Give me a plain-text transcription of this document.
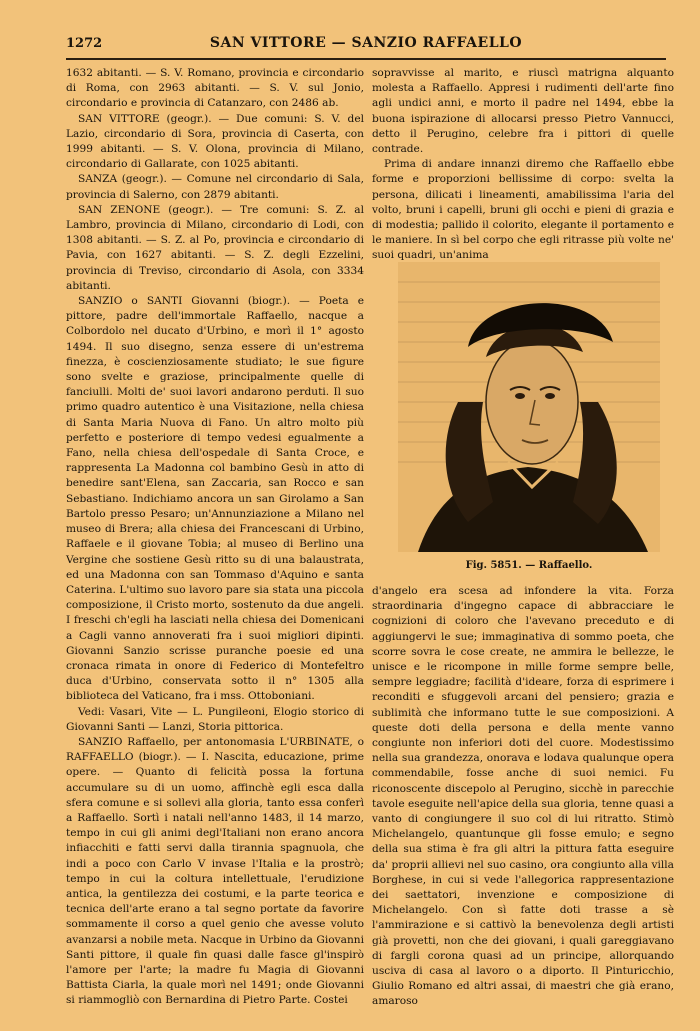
1272	SAN VITTORE — SANZIO RAFFAELLO

1632 abitanti. — S. V. Romano, provincia e circondario di Roma, con 2963 abitanti. — S. V. sul Jonio, circondario e provincia di Catanzaro, con 2486 ab.

SAN VITTORE (geogr.). — Due comuni: S. V. del Lazio, circondario di Sora, provincia di Caserta, con 1999 abitanti. — S. V. Olona, provincia di Milano, circondario di Gallarate, con 1025 abitanti.

SANZA (geogr.). — Comune nel circondario di Sala, provincia di Salerno, con 2879 abitanti.

SAN ZENONE (geogr.). — Tre comuni: S. Z. al Lambro, provincia di Milano, circondario di Lodi, con 1308 abitanti. — S. Z. al Po, provincia e circondario di Pavia, con 1627 abitanti. — S. Z. degli Ezzelini, provincia di Treviso, circondario di Asola, con 3334 abitanti.

SANZIO o SANTI Giovanni (biogr.). — Poeta e pittore, padre dell'immortale Raffaello, nacque a Colbordolo nel ducato d'Urbino, e morì il 1° agosto 1494. Il suo disegno, senza essere di un'estrema finezza, è coscienziosamente studiato; le sue figure sono svelte e graziose, principalmente quelle di fanciulli. Molti de' suoi lavori andarono perduti. Il suo primo quadro autentico è una Visitazione, nella chiesa di Santa Maria Nuova di Fano. Un altro molto più perfetto e posteriore di tempo vedesi egualmente a Fano, nella chiesa dell'ospedale di Santa Croce, e rappresenta La Madonna col bambino Gesù in atto di benedire sant'Elena, san Zaccaria, san Rocco e san Sebastiano. Indichiamo ancora un san Girolamo a San Bartolo presso Pesaro; un'Annunziazione a Milano nel museo di Brera; alla chiesa dei Francescani di Urbino, Raffaele e il giovane Tobia; al museo di Berlino una Vergine che sostiene Gesù ritto su di una balaustrata, ed una Madonna con san Tommaso d'Aquino e santa Caterina. L'ultimo suo lavoro pare sia stata una piccola composizione, il Cristo morto, sostenuto da due angeli. I freschi ch'egli ha lasciati nella chiesa dei Domenicani a Cagli vanno annoverati fra i suoi migliori dipinti. Giovanni Sanzio scrisse puranche poesie ed una cronaca rimata in onore di Federico di Montefeltro duca d'Urbino, conservata sotto il n° 1305 alla biblioteca del Vaticano, fra i mss. Ottoboniani.

Vedi: Vasari, Vite — L. Pungileoni, Elogio storico di Giovanni Santi — Lanzi, Storia pittorica.

SANZIO Raffaello, per antonomasia L'URBINATE, o RAFFAELLO (biogr.). — I. Nascita, educazione, prime opere. — Quanto di felicità possa la fortuna accumulare su di un uomo, affinchè egli esca dalla sfera comune e si sollevi alla gloria, tanto essa conferì a Raffaello. Sortì i natali nell'anno 1483, il 14 marzo, tempo in cui gli animi degl'Italiani non erano ancora infiacchiti e fatti servi dalla tirannia spagnuola, che indi a poco con Carlo V invase l'Italia e la prostrò; tempo in cui la coltura intellettuale, l'erudizione antica, la gentilezza dei costumi, e la parte teorica e tecnica dell'arte erano a tal segno portate da favorire sommamente il corso a quel genio che avesse voluto avanzarsi a nobile meta. Nacque in Urbino da Giovanni Santi pittore, il quale fin quasi dalle fasce gl'inspirò l'amore per l'arte; la madre fu Magia di Giovanni Battista Ciarla, la quale morì nel 1491; onde Giovanni si riammogliò con Bernardina di Pietro Parte. Costei

sopravvisse al marito, e riuscì matrigna alquanto molesta a Raffaello. Appresi i rudimenti dell'arte fino agli undici anni, e morto il padre nel 1494, ebbe la buona ispirazione di allocarsi presso Pietro Vannucci, detto il Perugino, celebre fra i pittori di quelle contrade.

Prima di andare innanzi diremo che Raffaello ebbe forme e proporzioni bellissime di corpo: svelta la persona, dilicati i lineamenti, amabilissima l'aria del volto, bruni i capelli, bruni gli occhi e pieni di grazia e di modestia; pallido il colorito, elegante il portamento e le maniere. In sì bel corpo che egli ritrasse più volte ne' suoi quadri, un'anima

Fig. 5851. — Raffaello.

d'angelo era scesa ad infondere la vita. Forza straordinaria d'ingegno capace di abbracciare le cognizioni di coloro che l'avevano preceduto e di aggiungervi le sue; immaginativa di sommo poeta, che scorre sovra le cose create, ne ammira le bellezze, le unisce e le ricompone in mille forme sempre belle, sempre leggiadre; facilità d'ideare, forza di esprimere i reconditi e sfuggevoli arcani del pensiero; grazia e sublimità che informano tutte le sue composizioni. A queste doti della persona e della mente vanno congiunte non inferiori doti del cuore. Modestissimo nella sua grandezza, onorava e lodava qualunque opera commendabile, fosse anche di suoi nemici. Fu riconoscente discepolo al Perugino, sicchè in parecchie tavole eseguite nell'apice della sua gloria, tenne quasi a vanto di congiungere il suo col di lui ritratto. Stimò Michelangelo, quantunque gli fosse emulo; e segno della sua stima è fra gli altri la pittura fatta eseguire da' proprii allievi nel suo casino, ora congiunto alla villa Borghese, in cui si vede l'allegorica rappresentazione dei saettatori, invenzione e composizione di Michelangelo. Con sì fatte doti trasse a sè l'ammirazione e si cattivò la benevolenza degli artisti già provetti, non che dei giovani, i quali gareggiavano di fargli corona quasi ad un principe, allorquando usciva di casa al lavoro o a diporto. Il Pinturicchio, Giulio Romano ed altri assai, di maestri che già erano, amaroso
